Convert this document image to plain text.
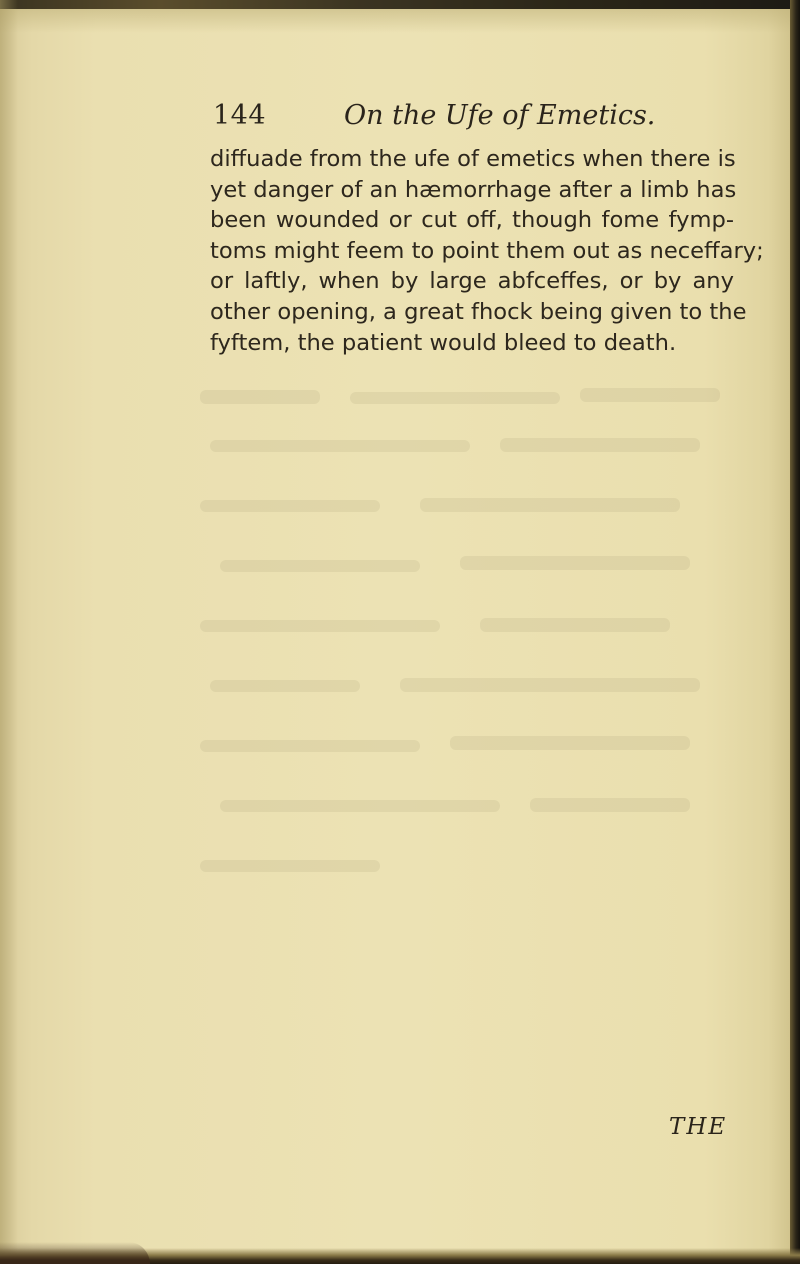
144	On the Ufe of Emetics.
diffuade from the ufe of emetics when there is
yet danger of an hæmorrhage after a limb has
been wounded or cut off, though fome fymp-
toms might feem to point them out as neceffary;
or laftly, when by large abfceffes, or by any
other opening, a great fhock being given to the
fyftem, the patient would bleed to death.
THE
